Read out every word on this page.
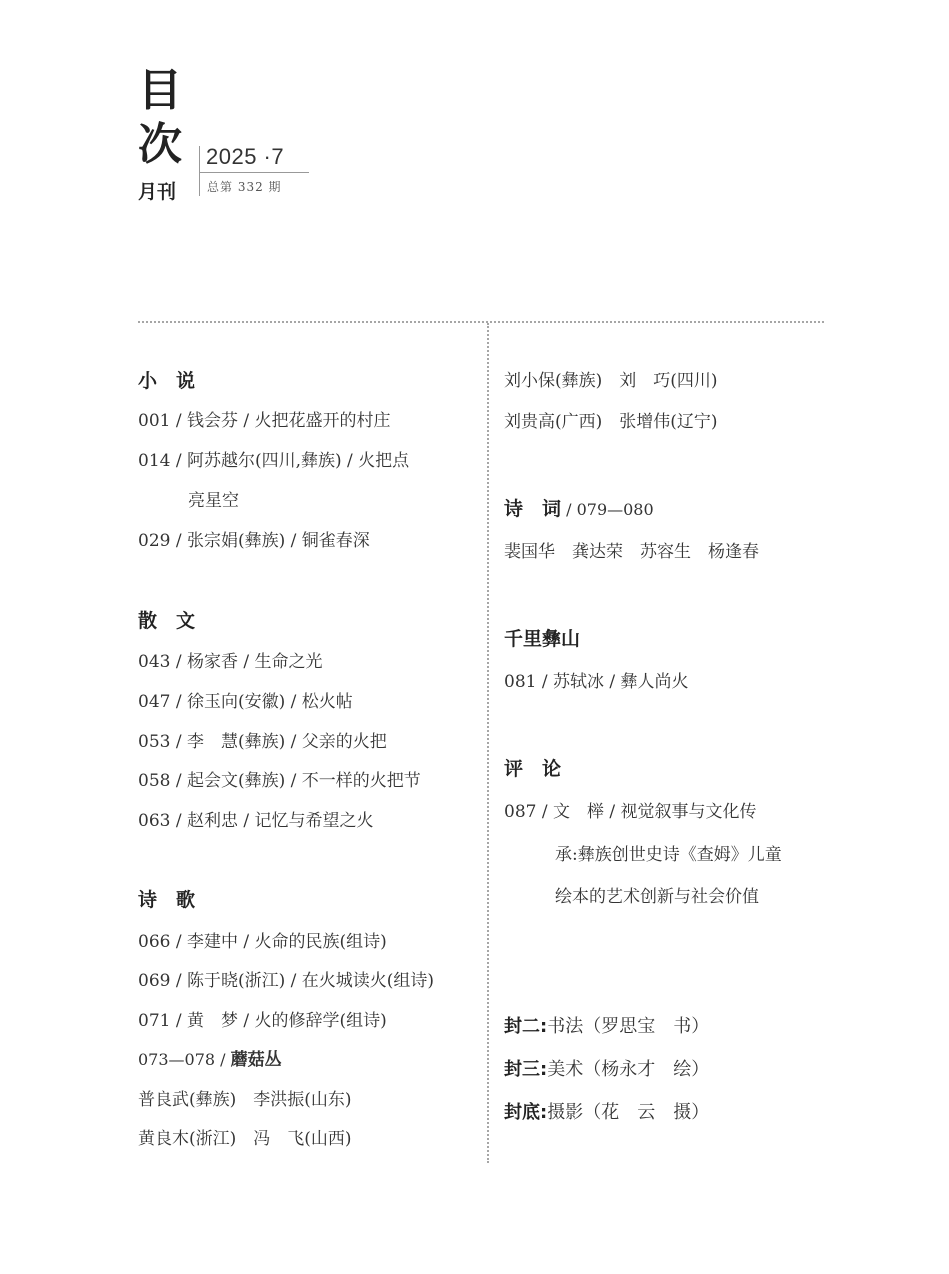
目
次
月刊
2025 ·7
总第 332 期
小　说
001 / 钱会芬 / 火把花盛开的村庄
014 / 阿苏越尔(四川,彝族) / 火把点
亮星空
029 / 张宗娟(彝族) / 铜雀春深
散　文
043 / 杨家香 / 生命之光
047 / 徐玉向(安徽) / 松火帖
053 / 李　慧(彝族) / 父亲的火把
058 / 起会文(彝族) / 不一样的火把节
063 / 赵利忠 / 记忆与希望之火
诗　歌
066 / 李建中 / 火命的民族(组诗)
069 / 陈于晓(浙江) / 在火城读火(组诗)
071 / 黄　梦 / 火的修辞学(组诗)
073—078 / 蘑菇丛
普良武(彝族)　李洪振(山东)
黄良木(浙江)　冯　飞(山西)
刘小保(彝族)　刘　巧(四川)
刘贵高(广西)　张增伟(辽宁)
诗　词 / 079—080
裴国华　龚达荣　苏容生　杨逢春
千里彝山
081 / 苏轼冰 / 彝人尚火
评　论
087 / 文　榉 / 视觉叙事与文化传
承:彝族创世史诗《查姆》儿童
绘本的艺术创新与社会价值
封二:书法（罗思宝　书）
封三:美术（杨永才　绘）
封底:摄影（花　云　摄）
